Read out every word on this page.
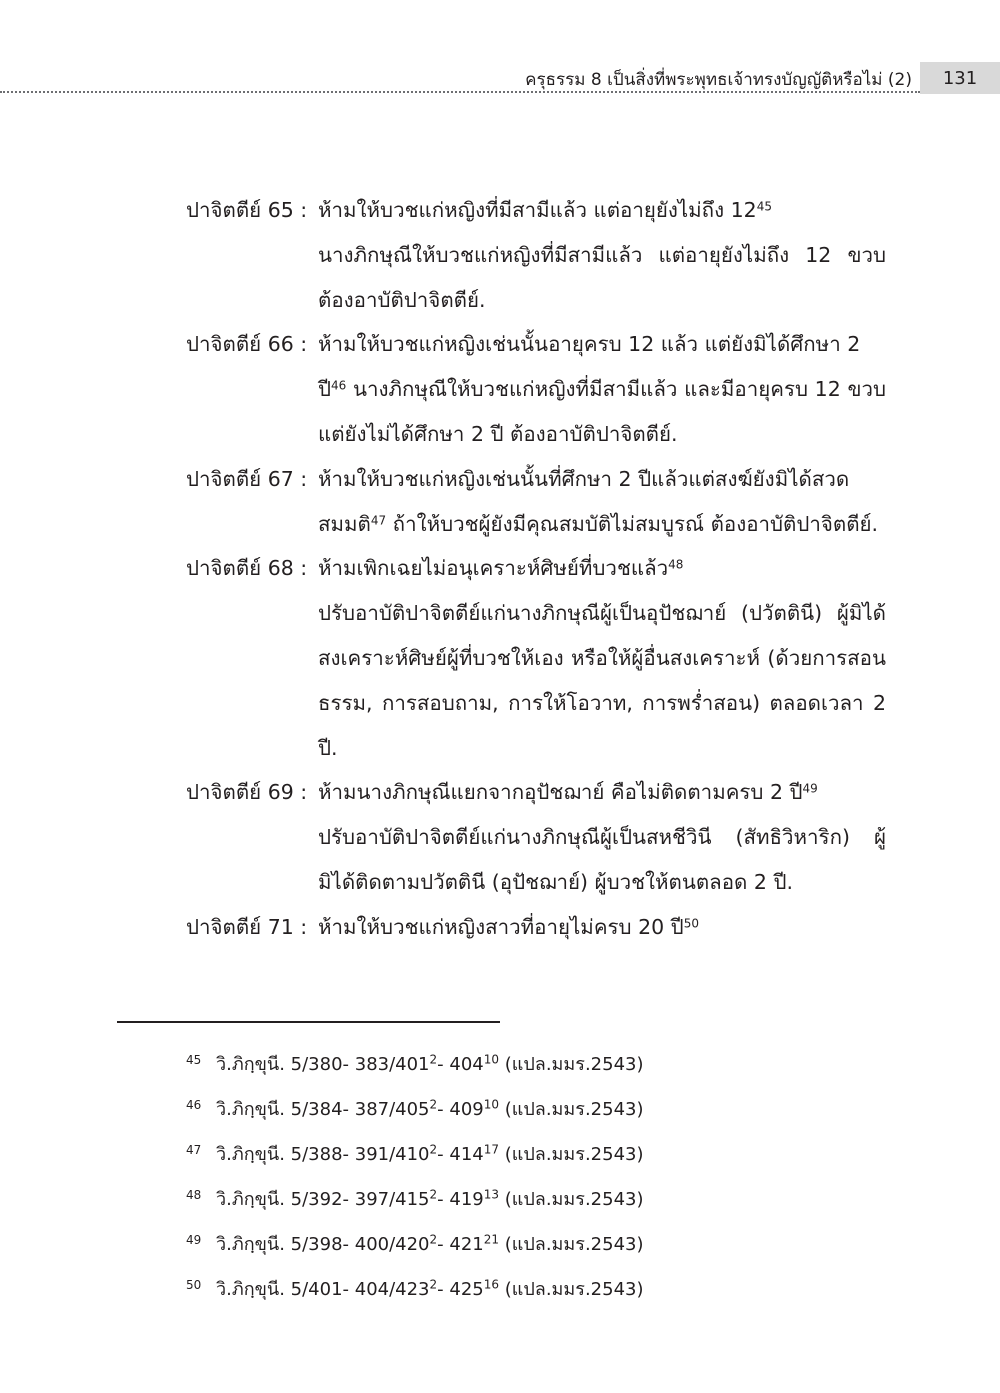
ครุธรรม 8 เป็นสิ่งที่พระพุทธเจ้าทรงบัญญัติหรือไม่ (2)	131
ปาจิตตีย์ 65 :ห้ามให้บวชแก่หญิงที่มีสามีแล้ว แต่อายุยังไม่ถึง $12^{45}$
นางภิกษุณีให้บวชแก่หญิงที่มีสามีแล้ว แต่อายุยังไม่ถึง 12 ขวบ ต้องอาบัติปาจิตตีย์.
ปาจิตตีย์ 66 :ห้ามให้บวชแก่หญิงเช่นนั้นอายุครบ 12 แล้ว แต่ยังมิได้ศึกษา 2
ปี$^{46}$ นางภิกษุณีให้บวชแก่หญิงที่มีสามีแล้ว และมีอายุครบ 12 ขวบ แต่ยังไม่ได้ศึกษา 2 ปี ต้องอาบัติปาจิตตีย์.
ปาจิตตีย์ 67 :ห้ามให้บวชแก่หญิงเช่นนั้นที่ศึกษา 2 ปีแล้วแต่สงฆ์ยังมิได้สวด
สมมติ$^{47}$ ถ้าให้บวชผู้ยังมีคุณสมบัติไม่สมบูรณ์ ต้องอาบัติปาจิตตีย์.
ปาจิตตีย์ 68 :ห้ามเพิกเฉยไม่อนุเคราะห์ศิษย์ที่บวชแล้ว$^{48}$
ปรับอาบัติปาจิตตีย์แก่นางภิกษุณีผู้เป็นอุปัชฌาย์ (ปวัตตินี) ผู้มิได้สงเคราะห์ศิษย์ผู้ที่บวชให้เอง หรือให้ผู้อื่นสงเคราะห์ (ด้วยการสอนธรรม, การสอบถาม, การให้โอวาท, การพร่ำสอน) ตลอดเวลา 2 ปี.
ปาจิตตีย์ 69 :ห้ามนางภิกษุณีแยกจากอุปัชฌาย์ คือไม่ติดตามครบ 2 ปี$^{49}$
ปรับอาบัติปาจิตตีย์แก่นางภิกษุณีผู้เป็นสหชีวินี (สัทธิวิหาริก) ผู้มิได้ติดตามปวัตตินี (อุปัชฌาย์) ผู้บวชให้ตนตลอด 2 ปี.
ปาจิตตีย์ 71 :ห้ามให้บวชแก่หญิงสาวที่อายุไม่ครบ 20 ปี$^{50}$
45 วิ.ภิกฺขุนี. 5/380- $383/401^2-$ $404^{10}$ (แปล.มมร.2543)
46 วิ.ภิกฺขุนี. 5/384- $387/405^2-$ $409^{10}$ (แปล.มมร.2543)
47 วิ.ภิกฺขุนี. 5/388- $391/410^2-$ $414^{17}$ (แปล.มมร.2543)
48 วิ.ภิกฺขุนี. 5/392- $397/415^2-$ $419^{13}$ (แปล.มมร.2543)
49 วิ.ภิกฺขุนี. 5/398- $400/420^2-$ $421^{21}$ (แปล.มมร.2543)
50 วิ.ภิกฺขุนี. 5/401- $404/423^2-$ $425^{16}$ (แปล.มมร.2543)
